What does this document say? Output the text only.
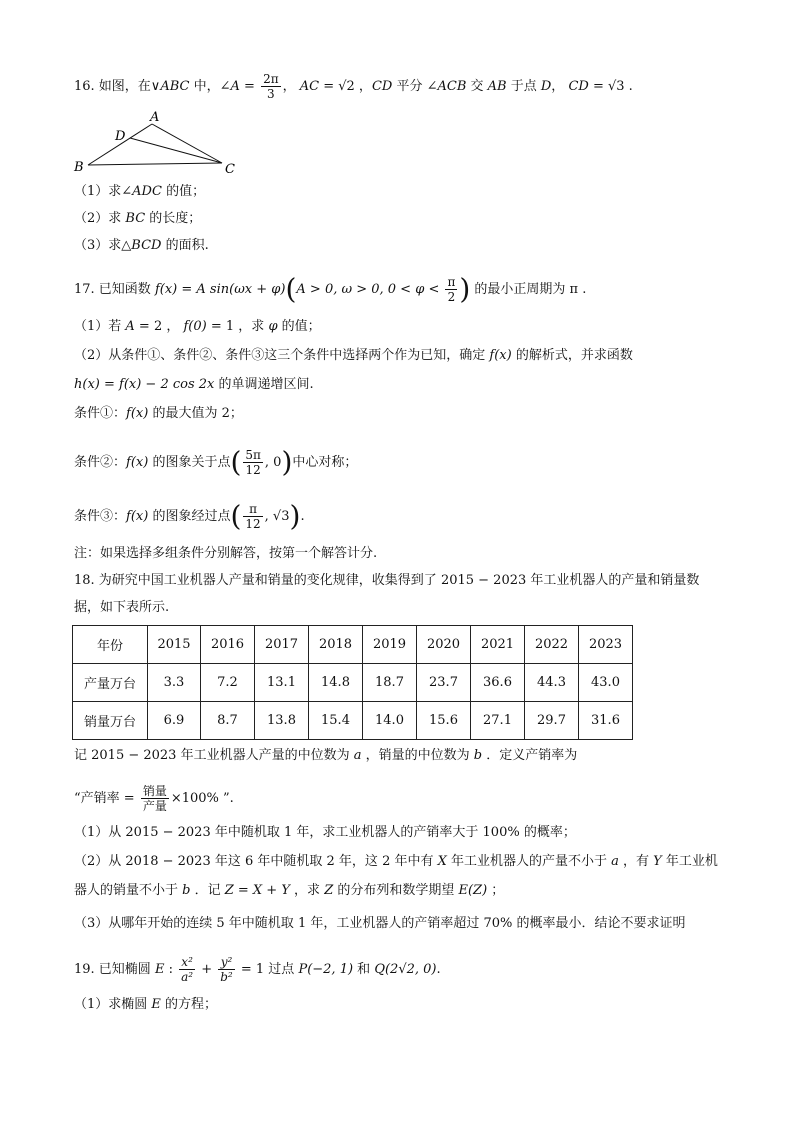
16. 如图，在∨ABC 中，∠A = $\frac{2\pi}{3}$ ， AC = √2 ，CD 平分 ∠ACB 交 AB 于点 D， CD = √3 .
A
B	C
D
（1）求∠ADC 的值；
（2）求 BC 的长度；
（3）求△BCD 的面积.
17. 已知函数 f(x) = A sin(ωx + φ)(A > 0, ω > 0, $0 < \varphi < \frac{\pi}{2}$ ) 的最小正周期为 π .
（1）若 A = 2 ， f(0) = 1 ，求 φ 的值；
（2）从条件①、条件②、条件③这三个条件中选择两个作为已知，确定 f(x) 的解析式，并求函数
h(x) = f(x) − 2 cos 2x 的单调递增区间.
条件①：f(x) 的最大值为 2；
条件②：f(x) 的图象关于点( $\frac{5\pi}{12}$ , 0)中心对称；
条件③：f(x) 的图象经过点( $\frac{\pi}{12}$ , √3).
注：如果选择多组条件分别解答，按第一个解答计分.
18. 为研究中国工业机器人产量和销量的变化规律，收集得到了 2015 − 2023 年工业机器人的产量和销量数
据，如下表所示.
年份	2015	2016	2017	2018	2019	2020	2021	2022	2023
产量万台	3.3	7.2	13.1	14.8	18.7	23.7	36.6	44.3	43.0
销量万台	6.9	8.7	13.8	15.4	14.0	15.6	27.1	29.7	31.6
记 2015 − 2023 年工业机器人产量的中位数为 a ，销量的中位数为 b ．定义产销率为
“产销率 = $\frac{\text{销量}}{\text{产量}} \times 100\%$ ”.
（1）从 2015 − 2023 年中随机取 1 年，求工业机器人的产销率大于 100% 的概率；
（2）从 2018 − 2023 年这 6 年中随机取 2 年，这 2 年中有 X 年工业机器人的产量不小于 a ，有 Y 年工业机
器人的销量不小于 b ．记 Z = X + Y ，求 Z 的分布列和数学期望 E(Z) ；
（3）从哪年开始的连续 5 年中随机取 1 年，工业机器人的产销率超过 70% 的概率最小．结论不要求证明
19. 已知椭圆 E : $\frac{\text{x²}}{\text{a²}} + \frac{\text{y²}}{\text{b²}} = 1$ 过点 P(−2, 1) 和 Q(2√2, 0).
（1）求椭圆 E 的方程；
